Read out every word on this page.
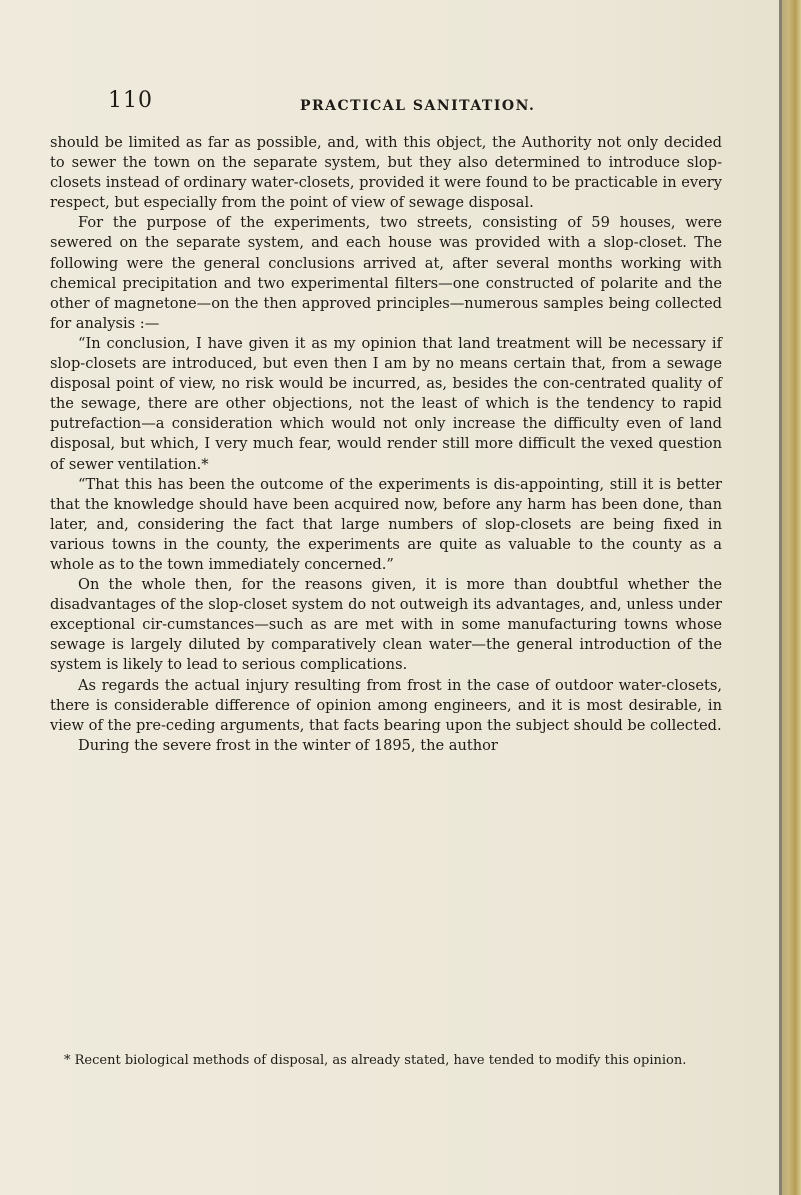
110	PRACTICAL SANITATION.

should be limited as far as possible, and, with this object, the Authority not only decided to sewer the town on the separate system, but they also determined to introduce slop-closets instead of ordinary water-closets, provided it were found to be practicable in every respect, but especially from the point of view of sewage disposal.

For the purpose of the experiments, two streets, consisting of 59 houses, were sewered on the separate system, and each house was provided with a slop-closet. The following were the general conclusions arrived at, after several months working with chemical precipitation and two experimental filters—one constructed of polarite and the other of magnetone—on the then approved principles—numerous samples being collected for analysis :—

“In conclusion, I have given it as my opinion that land treatment will be necessary if slop-closets are introduced, but even then I am by no means certain that, from a sewage disposal point of view, no risk would be incurred, as, besides the con-centrated quality of the sewage, there are other objections, not the least of which is the tendency to rapid putrefaction—a consideration which would not only increase the difficulty even of land disposal, but which, I very much fear, would render still more difficult the vexed question of sewer ventilation.*

“That this has been the outcome of the experiments is dis-appointing, still it is better that the knowledge should have been acquired now, before any harm has been done, than later, and, considering the fact that large numbers of slop-closets are being fixed in various towns in the county, the experiments are quite as valuable to the county as a whole as to the town immediately concerned.”

On the whole then, for the reasons given, it is more than doubtful whether the disadvantages of the slop-closet system do not outweigh its advantages, and, unless under exceptional cir-cumstances—such as are met with in some manufacturing towns whose sewage is largely diluted by comparatively clean water—the general introduction of the system is likely to lead to serious complications.

As regards the actual injury resulting from frost in the case of outdoor water-closets, there is considerable difference of opinion among engineers, and it is most desirable, in view of the pre-ceding arguments, that facts bearing upon the subject should be collected.

During the severe frost in the winter of 1895, the author

* Recent biological methods of disposal, as already stated, have tended to modify this opinion.
